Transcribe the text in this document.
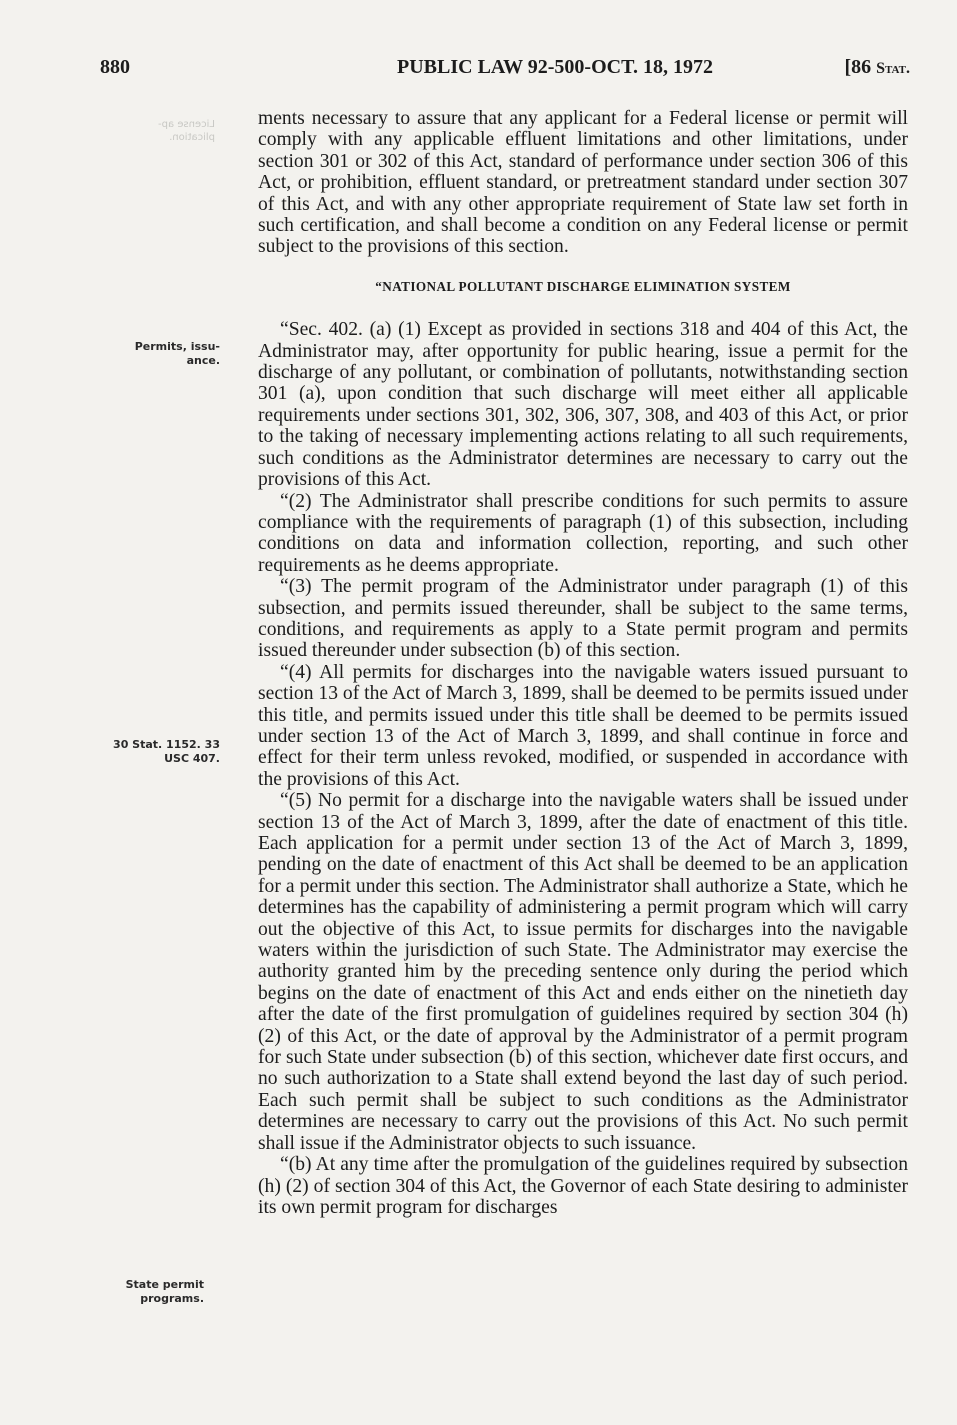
880	PUBLIC LAW 92-500-OCT. 18, 1972	[86 Stat.
License ap- plication.
Permits, issu- ance.
30 Stat. 1152. 33 USC 407.
State permit programs.

ments necessary to assure that any applicant for a Federal license or permit will comply with any applicable effluent limitations and other limitations, under section 301 or 302 of this Act, standard of performance under section 306 of this Act, or prohibition, effluent standard, or pretreatment standard under section 307 of this Act, and with any other appropriate requirement of State law set forth in such certification, and shall become a condition on any Federal license or permit subject to the provisions of this section.

“NATIONAL POLLUTANT DISCHARGE ELIMINATION SYSTEM

“Sec. 402. (a) (1) Except as provided in sections 318 and 404 of this Act, the Administrator may, after opportunity for public hearing, issue a permit for the discharge of any pollutant, or combination of pollutants, notwithstanding section 301 (a), upon condition that such discharge will meet either all applicable requirements under sections 301, 302, 306, 307, 308, and 403 of this Act, or prior to the taking of necessary implementing actions relating to all such requirements, such conditions as the Administrator determines are necessary to carry out the provisions of this Act.

“(2) The Administrator shall prescribe conditions for such permits to assure compliance with the requirements of paragraph (1) of this subsection, including conditions on data and information collection, reporting, and such other requirements as he deems appropriate.

“(3) The permit program of the Administrator under paragraph (1) of this subsection, and permits issued thereunder, shall be subject to the same terms, conditions, and requirements as apply to a State permit program and permits issued thereunder under subsection (b) of this section.

“(4) All permits for discharges into the navigable waters issued pursuant to section 13 of the Act of March 3, 1899, shall be deemed to be permits issued under this title, and permits issued under this title shall be deemed to be permits issued under section 13 of the Act of March 3, 1899, and shall continue in force and effect for their term unless revoked, modified, or suspended in accordance with the provisions of this Act.

“(5) No permit for a discharge into the navigable waters shall be issued under section 13 of the Act of March 3, 1899, after the date of enactment of this title. Each application for a permit under section 13 of the Act of March 3, 1899, pending on the date of enactment of this Act shall be deemed to be an application for a permit under this section. The Administrator shall authorize a State, which he determines has the capability of administering a permit program which will carry out the objective of this Act, to issue permits for discharges into the navigable waters within the jurisdiction of such State. The Administrator may exercise the authority granted him by the preceding sentence only during the period which begins on the date of enactment of this Act and ends either on the ninetieth day after the date of the first promulgation of guidelines required by section 304 (h) (2) of this Act, or the date of approval by the Administrator of a permit program for such State under subsection (b) of this section, whichever date first occurs, and no such authorization to a State shall extend beyond the last day of such period. Each such permit shall be subject to such conditions as the Administrator determines are necessary to carry out the provisions of this Act. No such permit shall issue if the Administrator objects to such issuance.

“(b) At any time after the promulgation of the guidelines required by subsection (h) (2) of section 304 of this Act, the Governor of each State desiring to administer its own permit program for discharges
